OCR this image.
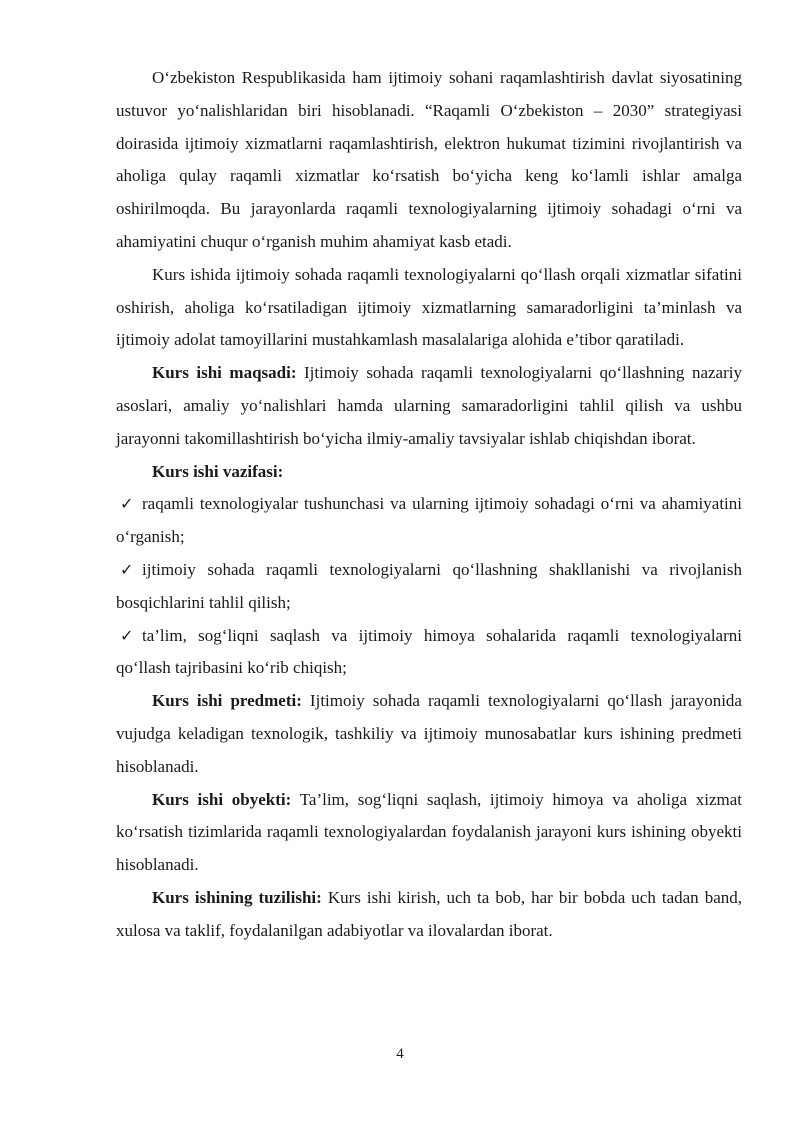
O‘zbekiston Respublikasida ham ijtimoiy sohani raqamlashtirish davlat siyosatining ustuvor yo‘nalishlaridan biri hisoblanadi. “Raqamli O‘zbekiston – 2030” strategiyasi doirasida ijtimoiy xizmatlarni raqamlashtirish, elektron hukumat tizimini rivojlantirish va aholiga qulay raqamli xizmatlar ko‘rsatish bo‘yicha keng ko‘lamli ishlar amalga oshirilmoqda. Bu jarayonlarda raqamli texnologiyalarning ijtimoiy sohadagi o‘rni va ahamiyatini chuqur o‘rganish muhim ahamiyat kasb etadi.

Kurs ishida ijtimoiy sohada raqamli texnologiyalarni qo‘llash orqali xizmatlar sifatini oshirish, aholiga ko‘rsatiladigan ijtimoiy xizmatlarning samaradorligini ta’minlash va ijtimoiy adolat tamoyillarini mustahkamlash masalalariga alohida e’tibor qaratiladi.

Kurs ishi maqsadi: Ijtimoiy sohada raqamli texnologiyalarni qo‘llashning nazariy asoslari, amaliy yo‘nalishlari hamda ularning samaradorligini tahlil qilish va ushbu jarayonni takomillashtirish bo‘yicha ilmiy-amaliy tavsiyalar ishlab chiqishdan iborat.

Kurs ishi vazifasi:

✓ raqamli texnologiyalar tushunchasi va ularning ijtimoiy sohadagi o‘rni va ahamiyatini o‘rganish;

✓ ijtimoiy sohada raqamli texnologiyalarni qo‘llashning shakllanishi va rivojlanish bosqichlarini tahlil qilish;

✓ ta’lim, sog‘liqni saqlash va ijtimoiy himoya sohalarida raqamli texnologiyalarni qo‘llash tajribasini ko‘rib chiqish;

Kurs ishi predmeti: Ijtimoiy sohada raqamli texnologiyalarni qo‘llash jarayonida vujudga keladigan texnologik, tashkiliy va ijtimoiy munosabatlar kurs ishining predmeti hisoblanadi.

Kurs ishi obyekti: Ta’lim, sog‘liqni saqlash, ijtimoiy himoya va aholiga xizmat ko‘rsatish tizimlarida raqamli texnologiyalardan foydalanish jarayoni kurs ishining obyekti hisoblanadi.

Kurs ishining tuzilishi: Kurs ishi kirish, uch ta bob, har bir bobda uch tadan band, xulosa va taklif, foydalanilgan adabiyotlar va ilovalardan iborat.

4
